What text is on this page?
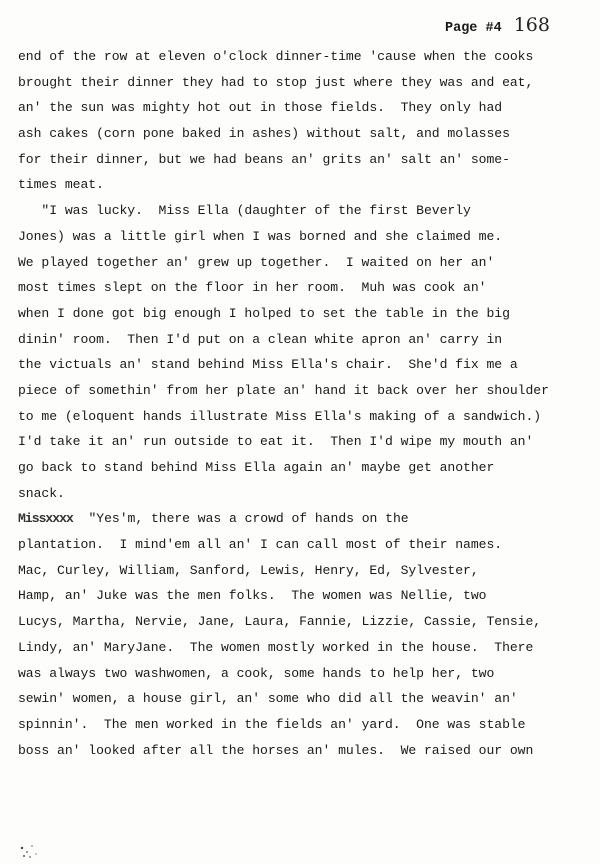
Page #4 168
end of the row at eleven o'clock dinner-time 'cause when the cooks
brought their dinner they had to stop just where they was and eat,
an' the sun was mighty hot out in those fields.  They only had
ash cakes (corn pone baked in ashes) without salt, and molasses
for their dinner, but we had beans an' grits an' salt an' some-
times meat.
"I was lucky.  Miss Ella (daughter of the first Beverly
Jones) was a little girl when I was borned and she claimed me.
We played together an' grew up together.  I waited on her an'
most times slept on the floor in her room.  Muh was cook an'
when I done got big enough I holped to set the table in the big
dinin' room.  Then I'd put on a clean white apron an' carry in
the victuals an' stand behind Miss Ella's chair.  She'd fix me a
piece of somethin' from her plate an' hand it back over her shoulder
to me (eloquent hands illustrate Miss Ella's making of a sandwich.)
I'd take it an' run outside to eat it.  Then I'd wipe my mouth an'
go back to stand behind Miss Ella again an' maybe get another
snack.
Missxxxx  "Yes'm, there was a crowd of hands on the
plantation.  I mind'em all an' I can call most of their names.
Mac, Curley, William, Sanford, Lewis, Henry, Ed, Sylvester,
Hamp, an' Juke was the men folks.  The women was Nellie, two
Lucys, Martha, Nervie, Jane, Laura, Fannie, Lizzie, Cassie, Tensie,
Lindy, an' MaryJane.  The women mostly worked in the house.  There
was always two washwomen, a cook, some hands to help her, two
sewin' women, a house girl, an' some who did all the weavin' an'
spinnin'.  The men worked in the fields an' yard.  One was stable
boss an' looked after all the horses an' mules.  We raised our own
